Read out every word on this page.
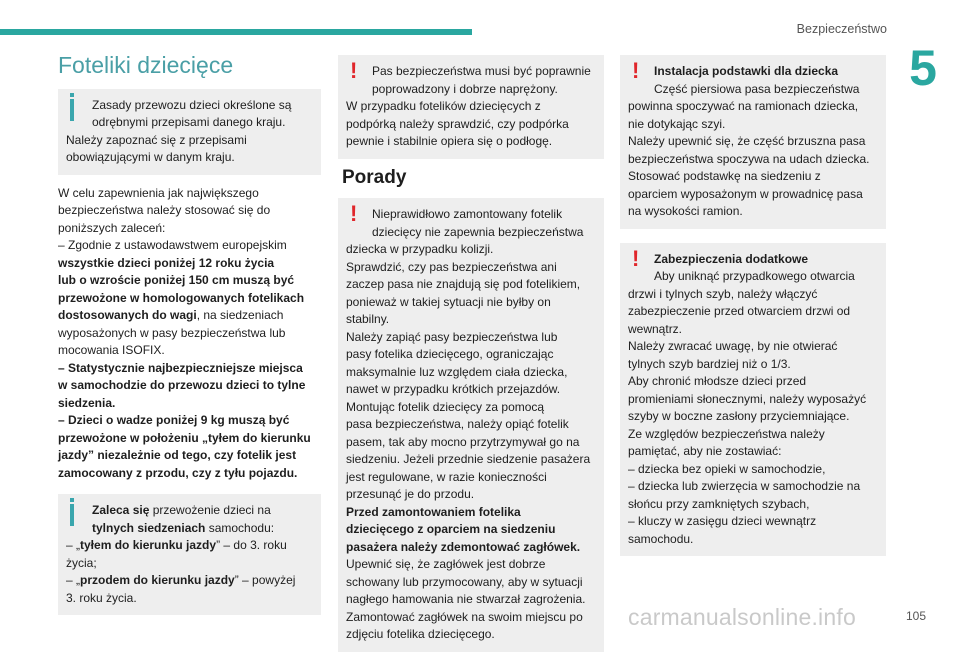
Bezpieczeństwo
5
Foteliki dziecięce
Zasady przewozu dzieci określone są
odrębnymi przepisami danego kraju.
Należy zapoznać się z przepisami
obowiązującymi w danym kraju.
W celu zapewnienia jak największego
bezpieczeństwa należy stosować się do
poniższych zaleceń:
– Zgodnie z ustawodawstwem europejskim
wszystkie dzieci poniżej 12 roku życia
lub o wzroście poniżej 150 cm muszą być
przewożone w homologowanych fotelikach
dostosowanych do wagi, na siedzeniach
wyposażonych w pasy bezpieczeństwa lub
mocowania ISOFIX.
– Statystycznie najbezpieczniejsze miejsca
w samochodzie do przewozu dzieci to tylne
siedzenia.
– Dzieci o wadze poniżej 9 kg muszą być
przewożone w położeniu „tyłem do kierunku
jazdy” niezależnie od tego, czy fotelik jest
zamocowany z przodu, czy z tyłu pojazdu.
Zaleca się przewożenie dzieci na
tylnych siedzeniach samochodu:
– „tyłem do kierunku jazdy” – do 3. roku
życia;
– „przodem do kierunku jazdy” – powyżej
3. roku życia.
!	Pas bezpieczeństwa musi być poprawnie
poprowadzony i dobrze naprężony.
W przypadku fotelików dziecięcych z
podpórką należy sprawdzić, czy podpórka
pewnie i stabilnie opiera się o podłogę.
Porady
!	Nieprawidłowo zamontowany fotelik
dziecięcy nie zapewnia bezpieczeństwa
dziecka w przypadku kolizji.
Sprawdzić, czy pas bezpieczeństwa ani
zaczep pasa nie znajdują się pod fotelikiem,
ponieważ w takiej sytuacji nie byłby on
stabilny.
Należy zapiąć pasy bezpieczeństwa lub
pasy fotelika dziecięcego, ograniczając
maksymalnie luz względem ciała dziecka,
nawet w przypadku krótkich przejazdów.
Montując fotelik dziecięcy za pomocą
pasa bezpieczeństwa, należy opiąć fotelik
pasem, tak aby mocno przytrzymywał go na
siedzeniu. Jeżeli przednie siedzenie pasażera
jest regulowane, w razie konieczności
przesunąć je do przodu.
Przed zamontowaniem fotelika
dziecięcego z oparciem na siedzeniu
pasażera należy zdemontować zagłówek.
Upewnić się, że zagłówek jest dobrze
schowany lub przymocowany, aby w sytuacji
nagłego hamowania nie stwarzał zagrożenia.
Zamontować zagłówek na swoim miejscu po
zdjęciu fotelika dziecięcego.
!	Instalacja podstawki dla dziecka
Część piersiowa pasa bezpieczeństwa
powinna spoczywać na ramionach dziecka,
nie dotykając szyi.
Należy upewnić się, że część brzuszna pasa
bezpieczeństwa spoczywa na udach dziecka.
Stosować podstawkę na siedzeniu z
oparciem wyposażonym w prowadnicę pasa
na wysokości ramion.
!	Zabezpieczenia dodatkowe
Aby uniknąć przypadkowego otwarcia
drzwi i tylnych szyb, należy włączyć
zabezpieczenie przed otwarciem drzwi od
wewnątrz.
Należy zwracać uwagę, by nie otwierać
tylnych szyb bardziej niż o 1/3.
Aby chronić młodsze dzieci przed
promieniami słonecznymi, należy wyposażyć
szyby w boczne zasłony przyciemniające.
Ze względów bezpieczeństwa należy
pamiętać, aby nie zostawiać:
– dziecka bez opieki w samochodzie,
– dziecka lub zwierzęcia w samochodzie na
słońcu przy zamkniętych szybach,
– kluczy w zasięgu dzieci wewnątrz
samochodu.
carmanualsonline.info	105
